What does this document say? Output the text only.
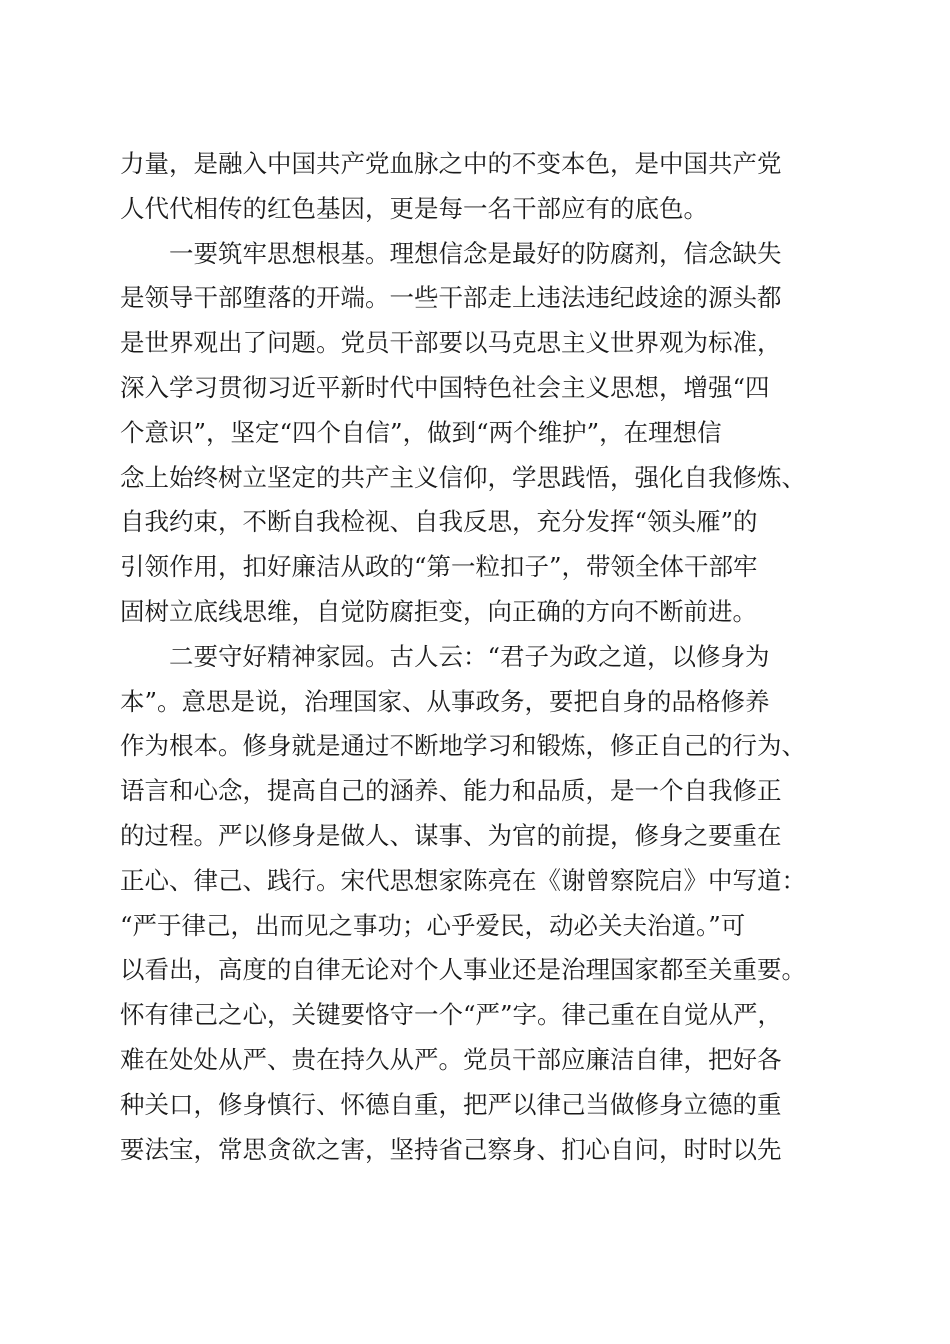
力量，是融入中国共产党血脉之中的不变本色，是中国共产党
人代代相传的红色基因，更是每一名干部应有的底色。
一要筑牢思想根基。理想信念是最好的防腐剂，信念缺失
是领导干部堕落的开端。一些干部走上违法违纪歧途的源头都
是世界观出了问题。党员干部要以马克思主义世界观为标准，
深入学习贯彻习近平新时代中国特色社会主义思想，增强“四
个意识”，坚定“四个自信”，做到“两个维护”，在理想信
念上始终树立坚定的共产主义信仰，学思践悟，强化自我修炼、
自我约束，不断自我检视、自我反思，充分发挥“领头雁”的
引领作用，扣好廉洁从政的“第一粒扣子”，带领全体干部牢
固树立底线思维，自觉防腐拒变，向正确的方向不断前进。
二要守好精神家园。古人云：“君子为政之道，以修身为
本”。意思是说，治理国家、从事政务，要把自身的品格修养
作为根本。修身就是通过不断地学习和锻炼，修正自己的行为、
语言和心念，提高自己的涵养、能力和品质，是一个自我修正
的过程。严以修身是做人、谋事、为官的前提，修身之要重在
正心、律己、践行。宋代思想家陈亮在《谢曾察院启》中写道：
“严于律己，出而见之事功；心乎爱民，动必关夫治道。”可
以看出，高度的自律无论对个人事业还是治理国家都至关重要。
怀有律己之心，关键要恪守一个“严”字。律己重在自觉从严，
难在处处从严、贵在持久从严。党员干部应廉洁自律，把好各
种关口，修身慎行、怀德自重，把严以律己当做修身立德的重
要法宝，常思贪欲之害，坚持省己察身、扪心自问，时时以先
